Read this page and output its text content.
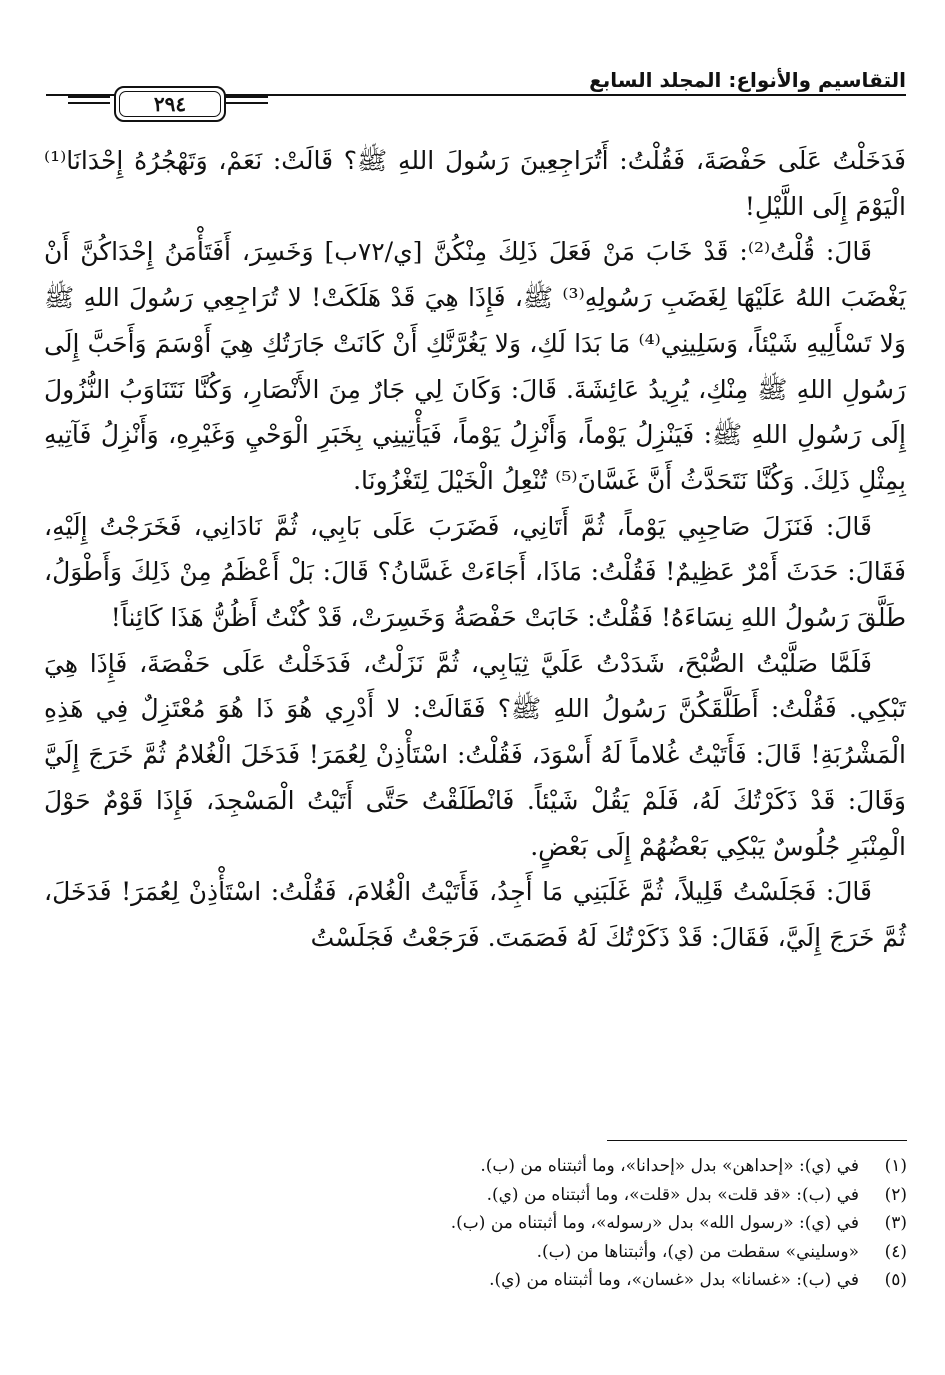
التقاسيم والأنواع: المجلد السابع
٢٩٤

فَدَخَلْتُ عَلَى حَفْصَةَ، فَقُلْتُ: أَتُرَاجِعِينَ رَسُولَ اللهِ ﷺ؟ قَالَتْ: نَعَمْ، وَتَهْجُرُهُ إِحْدَانَا⁽¹⁾ الْيَوْمَ إِلَى اللَّيْلِ!

قَالَ: قُلْتُ⁽²⁾: قَدْ خَابَ مَنْ فَعَلَ ذَلِكَ مِنْكُنَّ [ي/٧٢ب] وَخَسِرَ، أَفَتَأْمَنُ إِحْدَاكُنَّ أَنْ يَغْضَبَ اللهُ عَلَيْهَا لِغَضَبِ رَسُولِهِ⁽³⁾ ﷺ، فَإِذَا هِيَ قَدْ هَلَكَتْ! لا تُرَاجِعِي رَسُولَ اللهِ ﷺ وَلا تَسْأَلِيهِ شَيْئاً، وَسَلِينِي⁽⁴⁾ مَا بَدَا لَكِ، وَلا يَغُرَّنَّكِ أَنْ كَانَتْ جَارَتُكِ هِيَ أَوْسَمَ وَأَحَبَّ إِلَى رَسُولِ اللهِ ﷺ مِنْكِ، يُرِيدُ عَائِشَةَ. قَالَ: وَكَانَ لِي جَارٌ مِنَ الأَنْصَارِ، وَكُنَّا نَتَنَاوَبُ النُّزُولَ إِلَى رَسُولِ اللهِ ﷺ: فَيَنْزِلُ يَوْماً، وَأَنْزِلُ يَوْماً، فَيَأْتِينِي بِخَبَرِ الْوَحْيِ وَغَيْرِهِ، وَأَنْزِلُ فَآتِيهِ بِمِثْلِ ذَلِكَ. وَكُنَّا نَتَحَدَّثُ أَنَّ غَسَّانَ⁽⁵⁾ تُنْعِلُ الْخَيْلَ لِتَغْزُونَا.

قَالَ: فَنَزَلَ صَاحِبِي يَوْماً، ثُمَّ أَتَانِي، فَضَرَبَ عَلَى بَابِي، ثُمَّ نَادَانِي، فَخَرَجْتُ إِلَيْهِ، فَقَالَ: حَدَثَ أَمْرٌ عَظِيمٌ! فَقُلْتُ: مَاذَا، أَجَاءَتْ غَسَّانُ؟ قَالَ: بَلْ أَعْظَمُ مِنْ ذَلِكَ وَأَطْوَلُ، طَلَّقَ رَسُولُ اللهِ نِسَاءَهُ! فَقُلْتُ: خَابَتْ حَفْصَةُ وَخَسِرَتْ، قَدْ كُنْتُ أَظُنُّ هَذَا كَائِناً!

فَلَمَّا صَلَّيْتُ الصُّبْحَ، شَدَدْتُ عَلَيَّ ثِيَابِي، ثُمَّ نَزَلْتُ، فَدَخَلْتُ عَلَى حَفْصَةَ، فَإِذَا هِيَ تَبْكِي. فَقُلْتُ: أَطَلَّقَكُنَّ رَسُولُ اللهِ ﷺ؟ فَقَالَتْ: لا أَدْرِي هُوَ ذَا هُوَ مُعْتَزِلٌ فِي هَذِهِ الْمَشْرُبَةِ! قَالَ: فَأَتَيْتُ غُلاماً لَهُ أَسْوَدَ، فَقُلْتُ: اسْتَأْذِنْ لِعُمَرَ! فَدَخَلَ الْغُلامُ ثُمَّ خَرَجَ إِلَيَّ وَقَالَ: قَدْ ذَكَرْتُكَ لَهُ، فَلَمْ يَقُلْ شَيْئاً. فَانْطَلَقْتُ حَتَّى أَتَيْتُ الْمَسْجِدَ، فَإِذَا قَوْمٌ حَوْلَ الْمِنْبَرِ جُلُوسٌ يَبْكِي بَعْضُهُمْ إِلَى بَعْضٍ.

قَالَ: فَجَلَسْتُ قَلِيلاً، ثُمَّ غَلَبَنِي مَا أَجِدُ، فَأَتَيْتُ الْغُلامَ، فَقُلْتُ: اسْتَأْذِنْ لِعُمَرَ! فَدَخَلَ، ثُمَّ خَرَجَ إِلَيَّ، فَقَالَ: قَدْ ذَكَرْتُكَ لَهُ فَصَمَتَ. فَرَجَعْتُ فَجَلَسْتُ

(١)
في (ي): «إحداهن» بدل «إحدانا»، وما أثبتناه من (ب).
(٢)
في (ب): «قد قلت» بدل «قلت»، وما أثبتناه من (ي).
(٣)
في (ي): «رسول الله» بدل «رسوله»، وما أثبتناه من (ب).
(٤)
«وسليني» سقطت من (ي)، وأثبتناها من (ب).
(٥)
في (ب): «غسانا» بدل «غسان»، وما أثبتناه من (ي).
